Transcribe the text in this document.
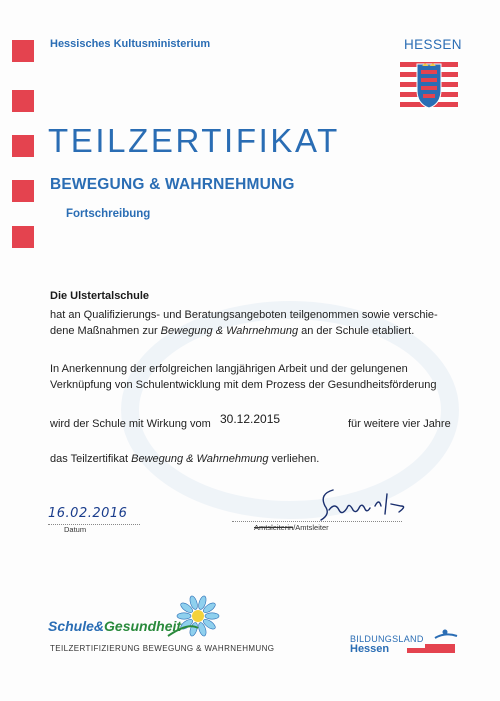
Hessisches Kultusministerium	HESSEN
TEILZERTIFIKAT
BEWEGUNG & WAHRNEHMUNG
Fortschreibung
Die Ulstertalschule
hat an Qualifizierungs- und Beratungsangeboten teilgenommen sowie verschie-
dene Maßnahmen zur Bewegung & Wahrnehmung an der Schule etabliert.
In Anerkennung der erfolgreichen langjährigen Arbeit und der gelungenen
Verknüpfung von Schulentwicklung mit dem Prozess der Gesundheitsförderung
wird der Schule mit Wirkung vom 30.12.2015	für weitere vier Jahre
das Teilzertifikat Bewegung & Wahrnehmung verliehen.
16.02.2016
Datum	Amtsleiterin/Amtsleiter
Schule&Gesundheit
TEILZERTIFIZIERUNG BEWEGUNG & WAHRNEHMUNG
BILDUNGSLAND
Hessen
